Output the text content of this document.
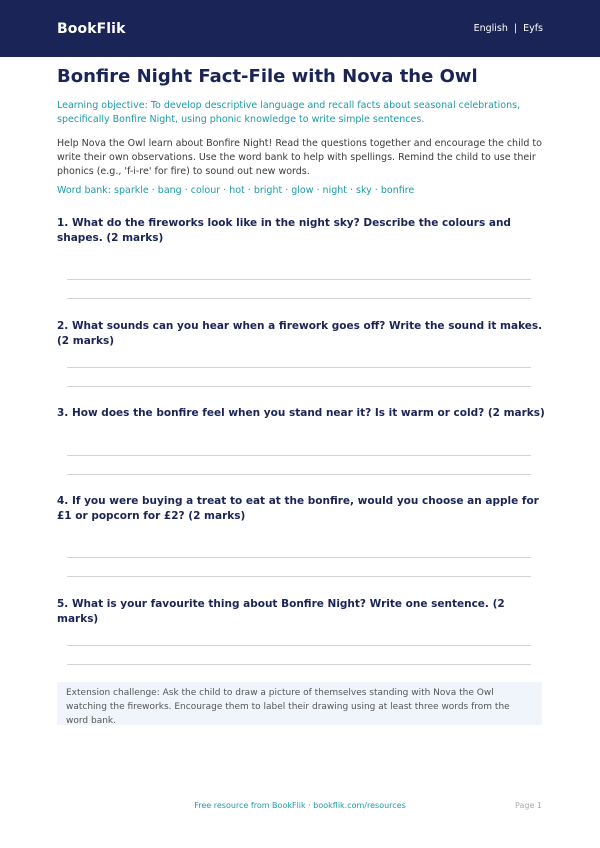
BookFlik	English | Eyfs
Bonfire Night Fact-File with Nova the Owl
Learning objective: To develop descriptive language and recall facts about seasonal celebrations, specifically Bonfire Night, using phonic knowledge to write simple sentences.
Help Nova the Owl learn about Bonfire Night! Read the questions together and encourage the child to write their own observations. Use the word bank to help with spellings. Remind the child to use their phonics (e.g., 'f-i-re' for fire) to sound out new words.
Word bank: sparkle · bang · colour · hot · bright · glow · night · sky · bonfire
1. What do the fireworks look like in the night sky? Describe the colours and shapes. (2 marks)
2. What sounds can you hear when a firework goes off? Write the sound it makes. (2 marks)
3. How does the bonfire feel when you stand near it? Is it warm or cold? (2 marks)
4. If you were buying a treat to eat at the bonfire, would you choose an apple for £1 or popcorn for £2? (2 marks)
5. What is your favourite thing about Bonfire Night? Write one sentence. (2 marks)
Extension challenge: Ask the child to draw a picture of themselves standing with Nova the Owl watching the fireworks. Encourage them to label their drawing using at least three words from the word bank.
Free resource from BookFlik · bookflik.com/resources	Page 1
